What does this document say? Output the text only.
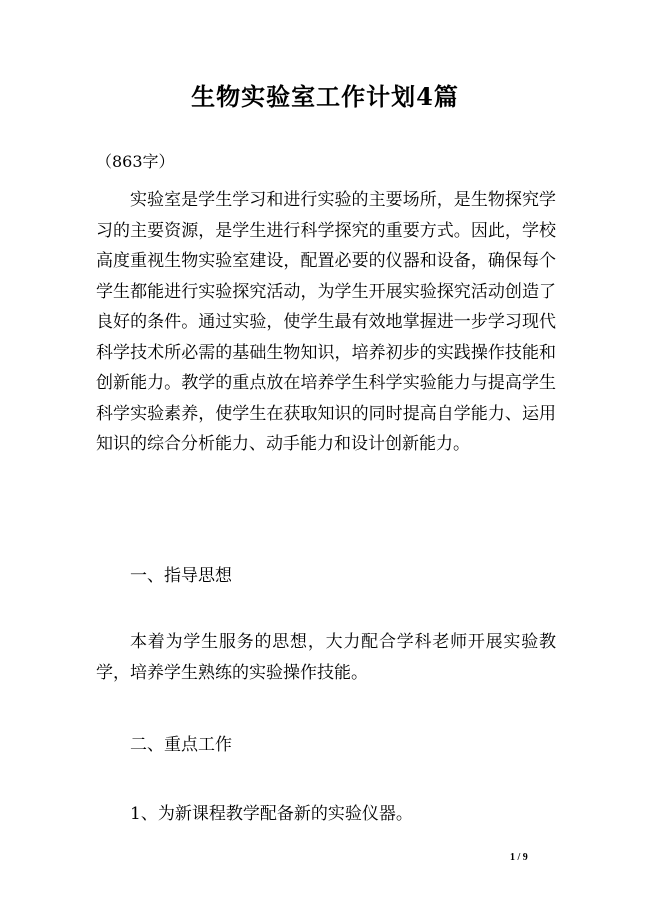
生物实验室工作计划4篇
（863字）

实验室是学生学习和进行实验的主要场所，是生物探究学习的主要资源，是学生进行科学探究的重要方式。因此，学校高度重视生物实验室建设，配置必要的仪器和设备，确保每个学生都能进行实验探究活动，为学生开展实验探究活动创造了良好的条件。通过实验，使学生最有效地掌握进一步学习现代科学技术所必需的基础生物知识，培养初步的实践操作技能和创新能力。教学的重点放在培养学生科学实验能力与提高学生科学实验素养，使学生在获取知识的同时提高自学能力、运用知识的综合分析能力、动手能力和设计创新能力。

一、指导思想

本着为学生服务的思想，大力配合学科老师开展实验教学，培养学生熟练的实验操作技能。

二、重点工作

1、为新课程教学配备新的实验仪器。

1 / 9
